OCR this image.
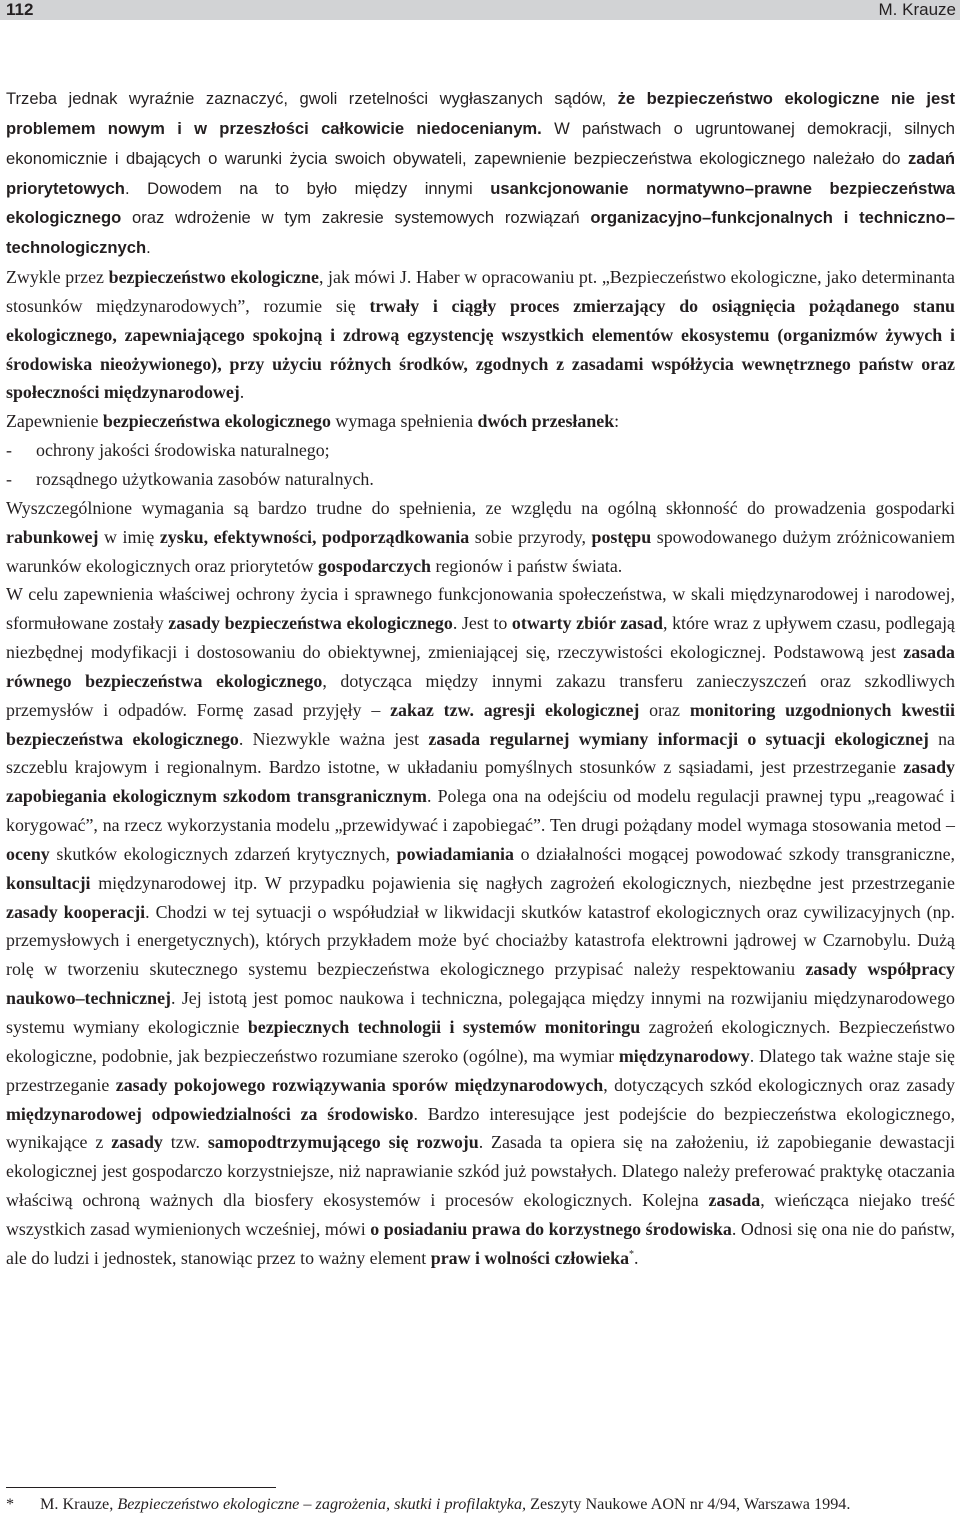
112	M. Krauze

Trzeba jednak wyraźnie zaznaczyć, gwoli rzetelności wygłaszanych sądów, że bezpieczeństwo ekologiczne nie jest problemem nowym i w przeszłości całkowicie niedocenianym. W państwach o ugruntowanej demokracji, silnych ekonomicznie i dbających o warunki życia swoich obywateli, zapewnienie bezpieczeństwa ekologicznego należało do zadań priorytetowych. Dowodem na to było między innymi usankcjonowanie normatywno–prawne bezpieczeństwa ekologicznego oraz wdrożenie w tym zakresie systemowych rozwiązań organizacyjno–funkcjonalnych i techniczno–technologicznych.

Zwykle przez bezpieczeństwo ekologiczne, jak mówi J. Haber w opracowaniu pt. „Bezpieczeństwo ekologiczne, jako determinanta stosunków międzynarodowych”, rozumie się trwały i ciągły proces zmierzający do osiągnięcia pożądanego stanu ekologicznego, zapewniającego spokojną i zdrową egzystencję wszystkich elementów ekosystemu (organizmów żywych i środowiska nieożywionego), przy użyciu różnych środków, zgodnych z zasadami współżycia wewnętrznego państw oraz społeczności międzynarodowej.

Zapewnienie bezpieczeństwa ekologicznego wymaga spełnienia dwóch przesłanek:

- ochrony jakości środowiska naturalnego;
- rozsądnego użytkowania zasobów naturalnych.

Wyszczególnione wymagania są bardzo trudne do spełnienia, ze względu na ogólną skłonność do prowadzenia gospodarki rabunkowej w imię zysku, efektywności, podporządkowania sobie przyrody, postępu spowodowanego dużym zróżnicowaniem warunków ekologicznych oraz priorytetów gospodarczych regionów i państw świata.

W celu zapewnienia właściwej ochrony życia i sprawnego funkcjonowania społeczeństwa, w skali międzynarodowej i narodowej, sformułowane zostały zasady bezpieczeństwa ekologicznego. Jest to otwarty zbiór zasad, które wraz z upływem czasu, podlegają niezbędnej modyfikacji i dostosowaniu do obiektywnej, zmieniającej się, rzeczywistości ekologicznej. Podstawową jest zasada równego bezpieczeństwa ekologicznego, dotycząca między innymi zakazu transferu zanieczyszczeń oraz szkodliwych przemysłów i odpadów. Formę zasad przyjęły – zakaz tzw. agresji ekologicznej oraz monitoring uzgodnionych kwestii bezpieczeństwa ekologicznego. Niezwykle ważna jest zasada regularnej wymiany informacji o sytuacji ekologicznej na szczeblu krajowym i regionalnym. Bardzo istotne, w układaniu pomyślnych stosunków z sąsiadami, jest przestrzeganie zasady zapobiegania ekologicznym szkodom transgranicznym. Polega ona na odejściu od modelu regulacji prawnej typu „reagować i korygować”, na rzecz wykorzystania modelu „przewidywać i zapobiegać”. Ten drugi pożądany model wymaga stosowania metod – oceny skutków ekologicznych zdarzeń krytycznych, powiadamiania o działalności mogącej powodować szkody transgraniczne, konsultacji międzynarodowej itp. W przypadku pojawienia się nagłych zagrożeń ekologicznych, niezbędne jest przestrzeganie zasady kooperacji. Chodzi w tej sytuacji o współudział w likwidacji skutków katastrof ekologicznych oraz cywilizacyjnych (np. przemysłowych i energetycznych), których przykładem może być chociażby katastrofa elektrowni jądrowej w Czarnobylu. Dużą rolę w tworzeniu skutecznego systemu bezpieczeństwa ekologicznego przypisać należy respektowaniu zasady współpracy naukowo–technicznej. Jej istotą jest pomoc naukowa i techniczna, polegająca między innymi na rozwijaniu międzynarodowego systemu wymiany ekologicznie bezpiecznych technologii i systemów monitoringu zagrożeń ekologicznych. Bezpieczeństwo ekologiczne, podobnie, jak bezpieczeństwo rozumiane szeroko (ogólne), ma wymiar międzynarodowy. Dlatego tak ważne staje się przestrzeganie zasady pokojowego rozwiązywania sporów międzynarodowych, dotyczących szkód ekologicznych oraz zasady międzynarodowej odpowiedzialności za środowisko. Bardzo interesujące jest podejście do bezpieczeństwa ekologicznego, wynikające z zasady tzw. samopodtrzymującego się rozwoju. Zasada ta opiera się na założeniu, iż zapobieganie dewastacji ekologicznej jest gospodarczo korzystniejsze, niż naprawianie szkód już powstałych. Dlatego należy preferować praktykę otaczania właściwą ochroną ważnych dla biosfery ekosystemów i procesów ekologicznych. Kolejna zasada, wieńcząca niejako treść wszystkich zasad wymienionych wcześniej, mówi o posiadaniu prawa do korzystnego środowiska. Odnosi się ona nie do państw, ale do ludzi i jednostek, stanowiąc przez to ważny element praw i wolności człowieka*.

* M. Krauze, Bezpieczeństwo ekologiczne – zagrożenia, skutki i profilaktyka, Zeszyty Naukowe AON nr 4/94, Warszawa 1994.
